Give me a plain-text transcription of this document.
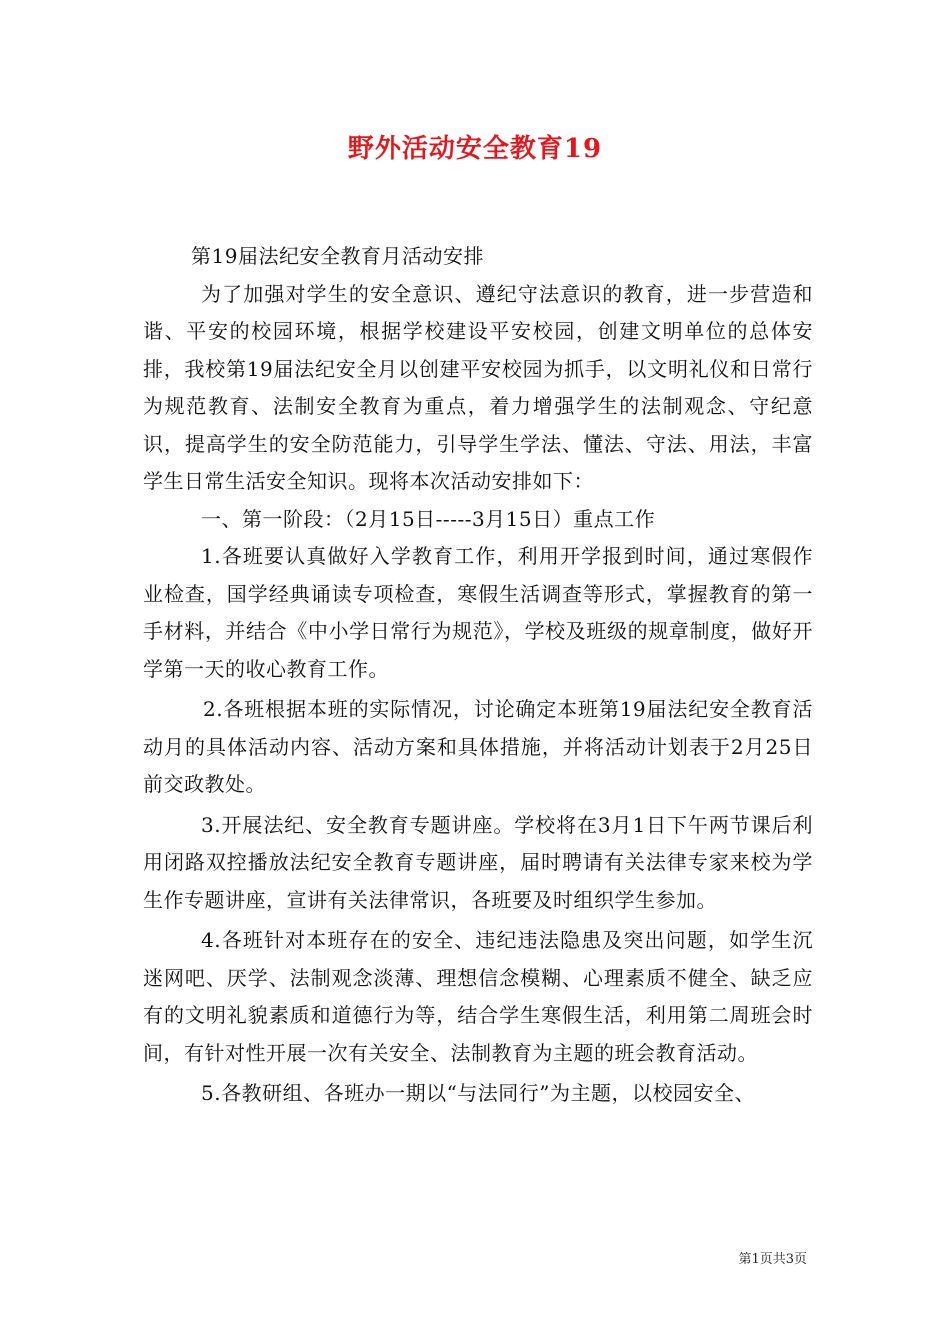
野外活动安全教育19

第19届法纪安全教育月活动安排

为了加强对学生的安全意识、遵纪守法意识的教育，进一步营造和谐、平安的校园环境，根据学校建设平安校园，创建文明单位的总体安排，我校第19届法纪安全月以创建平安校园为抓手，以文明礼仪和日常行为规范教育、法制安全教育为重点，着力增强学生的法制观念、守纪意识，提高学生的安全防范能力，引导学生学法、懂法、守法、用法，丰富学生日常生活安全知识。现将本次活动安排如下：

一、第一阶段：（2月15日-----3月15日）重点工作

1.各班要认真做好入学教育工作，利用开学报到时间，通过寒假作业检查，国学经典诵读专项检查，寒假生活调查等形式，掌握教育的第一手材料，并结合《中小学日常行为规范》，学校及班级的规章制度，做好开学第一天的收心教育工作。

2.各班根据本班的实际情况，讨论确定本班第19届法纪安全教育活动月的具体活动内容、活动方案和具体措施，并将活动计划表于2月25日前交政教处。

3.开展法纪、安全教育专题讲座。学校将在3月1日下午两节课后利用闭路双控播放法纪安全教育专题讲座，届时聘请有关法律专家来校为学生作专题讲座，宣讲有关法律常识，各班要及时组织学生参加。

4.各班针对本班存在的安全、违纪违法隐患及突出问题，如学生沉迷网吧、厌学、法制观念淡薄、理想信念模糊、心理素质不健全、缺乏应有的文明礼貌素质和道德行为等，结合学生寒假生活，利用第二周班会时间，有针对性开展一次有关安全、法制教育为主题的班会教育活动。

5.各教研组、各班办一期以“与法同行”为主题，以校园安全、

第1页共3页
